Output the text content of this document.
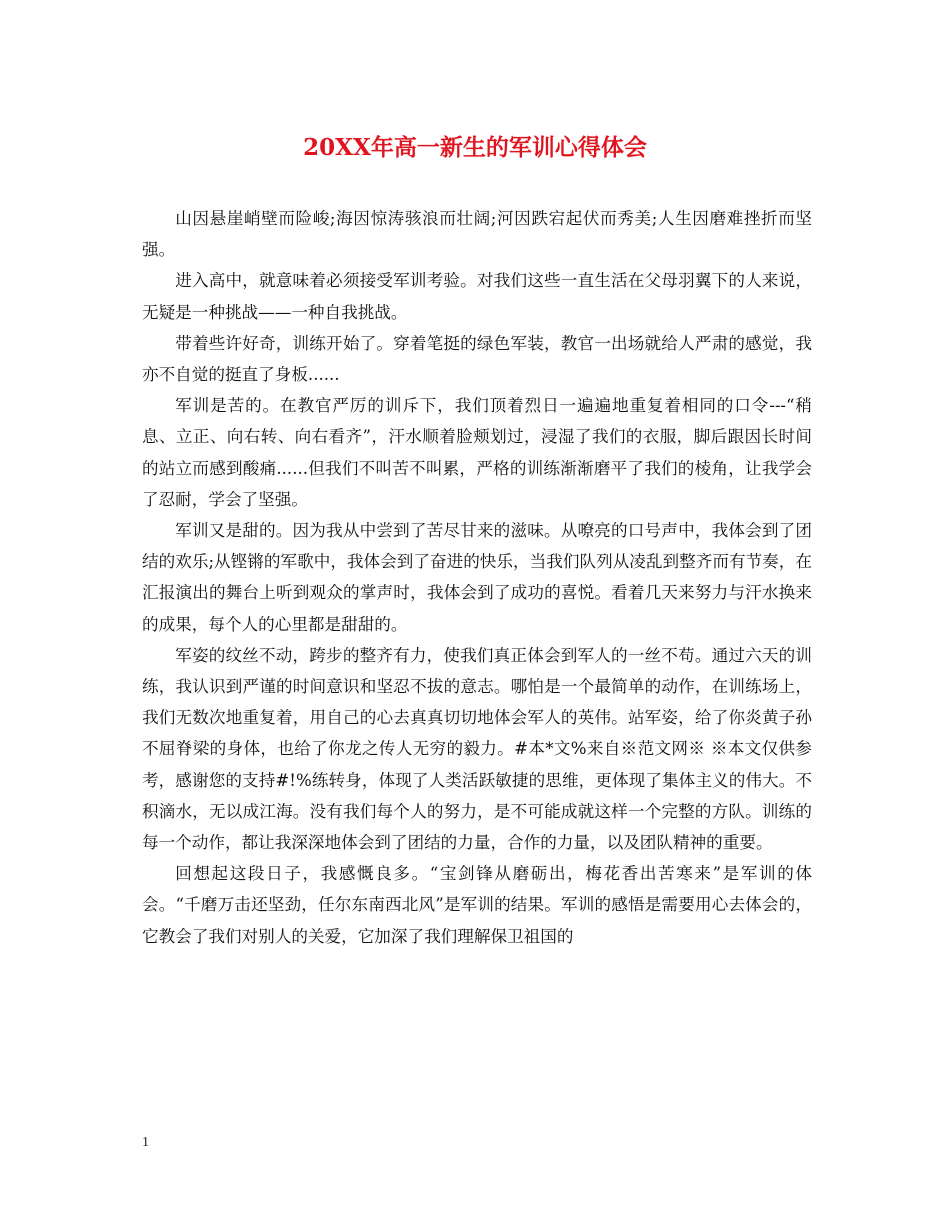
20XX年高一新生的军训心得体会

山因悬崖峭壁而险峻;海因惊涛骇浪而壮阔;河因跌宕起伏而秀美;人生因磨难挫折而坚强。

进入高中，就意味着必须接受军训考验。对我们这些一直生活在父母羽翼下的人来说，无疑是一种挑战——一种自我挑战。

带着些许好奇，训练开始了。穿着笔挺的绿色军装，教官一出场就给人严肃的感觉，我亦不自觉的挺直了身板......

军训是苦的。在教官严厉的训斥下，我们顶着烈日一遍遍地重复着相同的口令---“稍息、立正、向右转、向右看齐”，汗水顺着脸颊划过，浸湿了我们的衣服，脚后跟因长时间的站立而感到酸痛......但我们不叫苦不叫累，严格的训练渐渐磨平了我们的棱角，让我学会了忍耐，学会了坚强。

军训又是甜的。因为我从中尝到了苦尽甘来的滋味。从嘹亮的口号声中，我体会到了团结的欢乐;从铿锵的军歌中，我体会到了奋进的快乐，当我们队列从凌乱到整齐而有节奏，在汇报演出的舞台上听到观众的掌声时，我体会到了成功的喜悦。看着几天来努力与汗水换来的成果，每个人的心里都是甜甜的。

军姿的纹丝不动，跨步的整齐有力，使我们真正体会到军人的一丝不苟。通过六天的训练，我认识到严谨的时间意识和坚忍不拔的意志。哪怕是一个最简单的动作，在训练场上，我们无数次地重复着，用自己的心去真真切切地体会军人的英伟。站军姿，给了你炎黄子孙不屈脊梁的身体，也给了你龙之传人无穷的毅力。#本*文%来自※范文网※ ※本文仅供参考，感谢您的支持#!%练转身，体现了人类活跃敏捷的思维，更体现了集体主义的伟大。不积滴水，无以成江海。没有我们每个人的努力，是不可能成就这样一个完整的方队。训练的每一个动作，都让我深深地体会到了团结的力量，合作的力量，以及团队精神的重要。

回想起这段日子，我感慨良多。“宝剑锋从磨砺出，梅花香出苦寒来”是军训的体会。“千磨万击还坚劲，任尔东南西北风”是军训的结果。军训的感悟是需要用心去体会的，它教会了我们对别人的关爱，它加深了我们理解保卫祖国的

1
